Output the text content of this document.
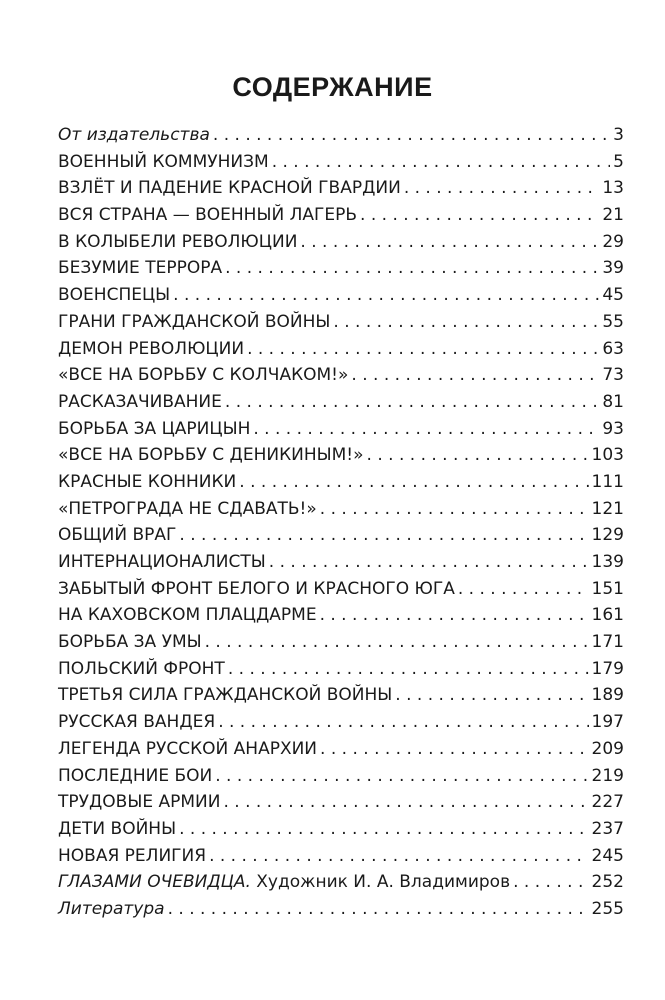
СОДЕРЖАНИЕ
От издательства . . .	3
ВОЕННЫЙ КОММУНИЗМ . . .	5
ВЗЛЁТ И ПАДЕНИЕ КРАСНОЙ ГВАРДИИ . . .	13
ВСЯ СТРАНА — ВОЕННЫЙ ЛАГЕРЬ . . .	21
В КОЛЫБЕЛИ РЕВОЛЮЦИИ . . .	29
БЕЗУМИЕ ТЕРРОРА . . .	39
ВОЕНСПЕЦЫ . . .	45
ГРАНИ ГРАЖДАНСКОЙ ВОЙНЫ . . .	55
ДЕМОН РЕВОЛЮЦИИ . . .	63
«ВСЕ НА БОРЬБУ С КОЛЧАКОМ!» . . .	73
РАСКАЗАЧИВАНИЕ . . .	81
БОРЬБА ЗА ЦАРИЦЫН . . .	93
«ВСЕ НА БОРЬБУ С ДЕНИКИНЫМ!» . . .	103
КРАСНЫЕ КОННИКИ . . .	111
«ПЕТРОГРАДА НЕ СДАВАТЬ!» . . .	121
ОБЩИЙ ВРАГ . . .	129
ИНТЕРНАЦИОНАЛИСТЫ . . .	139
ЗАБЫТЫЙ ФРОНТ БЕЛОГО И КРАСНОГО ЮГА . . .	151
НА КАХОВСКОМ ПЛАЦДАРМЕ . . .	161
БОРЬБА ЗА УМЫ . . .	171
ПОЛЬСКИЙ ФРОНТ . . .	179
ТРЕТЬЯ СИЛА ГРАЖДАНСКОЙ ВОЙНЫ . . .	189
РУССКАЯ ВАНДЕЯ . . .	197
ЛЕГЕНДА РУССКОЙ АНАРХИИ . . .	209
ПОСЛЕДНИЕ БОИ . . .	219
ТРУДОВЫЕ АРМИИ . . .	227
ДЕТИ ВОЙНЫ . . .	237
НОВАЯ РЕЛИГИЯ . . .	245
ГЛАЗАМИ ОЧЕВИДЦА. Художник И. А. Владимиров . . .	252
Литература . . .	255
